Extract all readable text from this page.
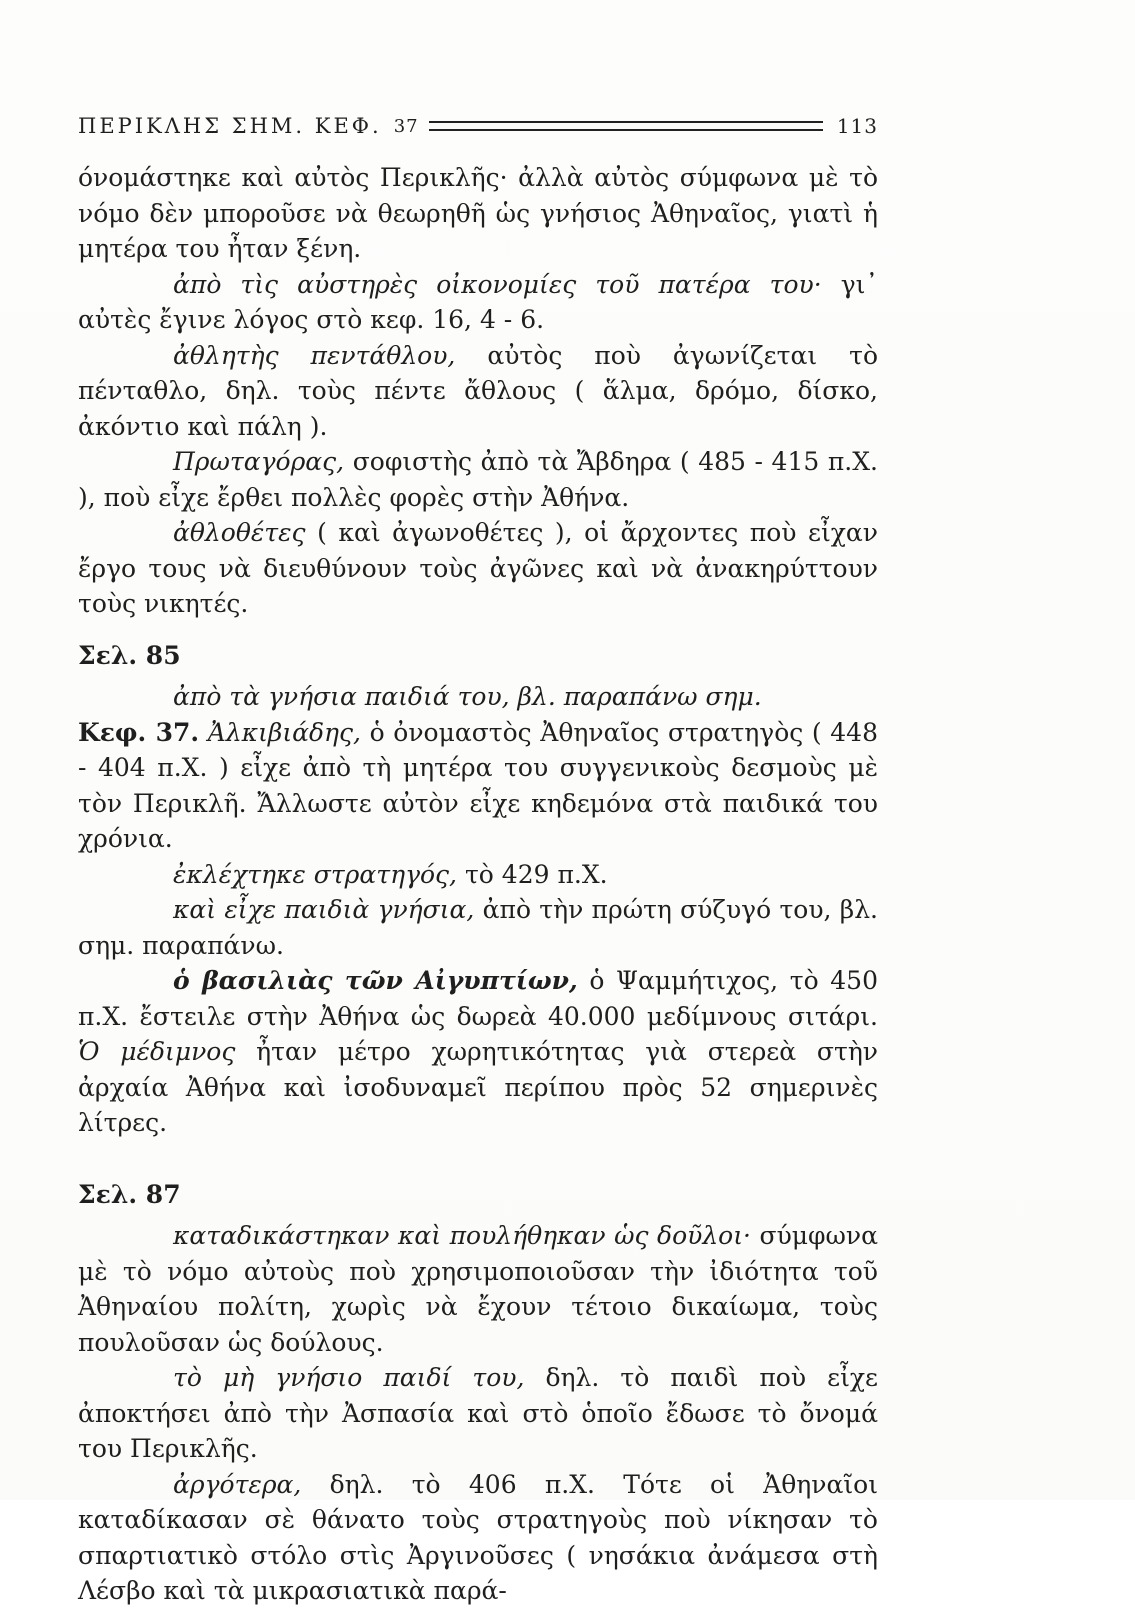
ΠΕΡΙΚΛΗΣ ΣΗΜ. ΚΕΦ. 37	113

όνομάστηκε καὶ αὐτὸς Περικλῆς· ἀλλὰ αὐτὸς σύμφωνα μὲ τὸ νόμο δὲν μποροῦσε νὰ θεωρηθῆ ὡς γνήσιος Ἀθηναῖος, γιατὶ ἡ μητέρα του ἦταν ξένη.

ἀπὸ τὶς αὐστηρὲς οἰκονομίες τοῦ πατέρα του· γι᾽ αὐτὲς ἔγινε λόγος στὸ κεφ. 16, 4 - 6.

ἀθλητὴς πεντάθλου, αὐτὸς ποὺ ἀγωνίζεται τὸ πένταθλο, δηλ. τοὺς πέντε ἄθλους ( ἅλμα, δρόμο, δίσκο, ἀκόντιο καὶ πάλη ).

Πρωταγόρας, σοφιστὴς ἀπὸ τὰ Ἄβδηρα ( 485 - 415 π.Χ. ), ποὺ εἶχε ἔρθει πολλὲς φορὲς στὴν Ἀθήνα.

ἀθλοθέτες ( καὶ ἀγωνοθέτες ), οἱ ἄρχοντες ποὺ εἶχαν ἔργο τους νὰ διευθύνουν τοὺς ἀγῶνες καὶ νὰ ἀνακηρύττουν τοὺς νικητές.

Σελ. 85

ἀπὸ τὰ γνήσια παιδιά του, βλ. παραπάνω σημ.

Κεφ. 37. Ἀλκιβιάδης, ὁ ὀνομαστὸς Ἀθηναῖος στρατηγὸς ( 448 - 404 π.Χ. ) εἶχε ἀπὸ τὴ μητέρα του συγγενικοὺς δεσμοὺς μὲ τὸν Περικλῆ. Ἄλλωστε αὐτὸν εἶχε κηδεμόνα στὰ παιδικά του χρόνια.

ἐκλέχτηκε στρατηγός, τὸ 429 π.Χ.

καὶ εἶχε παιδιὰ γνήσια, ἀπὸ τὴν πρώτη σύζυγό του, βλ. σημ. παραπάνω.

ὁ βασιλιὰς τῶν Αἰγυπτίων, ὁ Ψαμμήτιχος, τὸ 450 π.Χ. ἔστειλε στὴν Ἀθήνα ὡς δωρεὰ 40.000 μεδίμνους σιτάρι. Ὁ μέδιμνος ἦταν μέτρο χωρητικότητας γιὰ στερεὰ στὴν ἀρχαία Ἀθήνα καὶ ἰσοδυναμεῖ περίπου πρὸς 52 σημερινὲς λίτρες.

Σελ. 87

καταδικάστηκαν καὶ πουλήθηκαν ὡς δοῦλοι· σύμφωνα μὲ τὸ νόμο αὐτοὺς ποὺ χρησιμοποιοῦσαν τὴν ἰδιότητα τοῦ Ἀθηναίου πολίτη, χωρὶς νὰ ἔχουν τέτοιο δικαίωμα, τοὺς πουλοῦσαν ὡς δούλους.

τὸ μὴ γνήσιο παιδί του, δηλ. τὸ παιδὶ ποὺ εἶχε ἀποκτήσει ἀπὸ τὴν Ἀσπασία καὶ στὸ ὁποῖο ἔδωσε τὸ ὄνομά του Περικλῆς.

ἀργότερα, δηλ. τὸ 406 π.Χ. Τότε οἱ Ἀθηναῖοι καταδίκασαν σὲ θάνατο τοὺς στρατηγοὺς ποὺ νίκησαν τὸ σπαρτιατικὸ στόλο στὶς Ἀργινοῦσες ( νησάκια ἀνάμεσα στὴ Λέσβο καὶ τὰ μικρασιατικὰ παρά-
